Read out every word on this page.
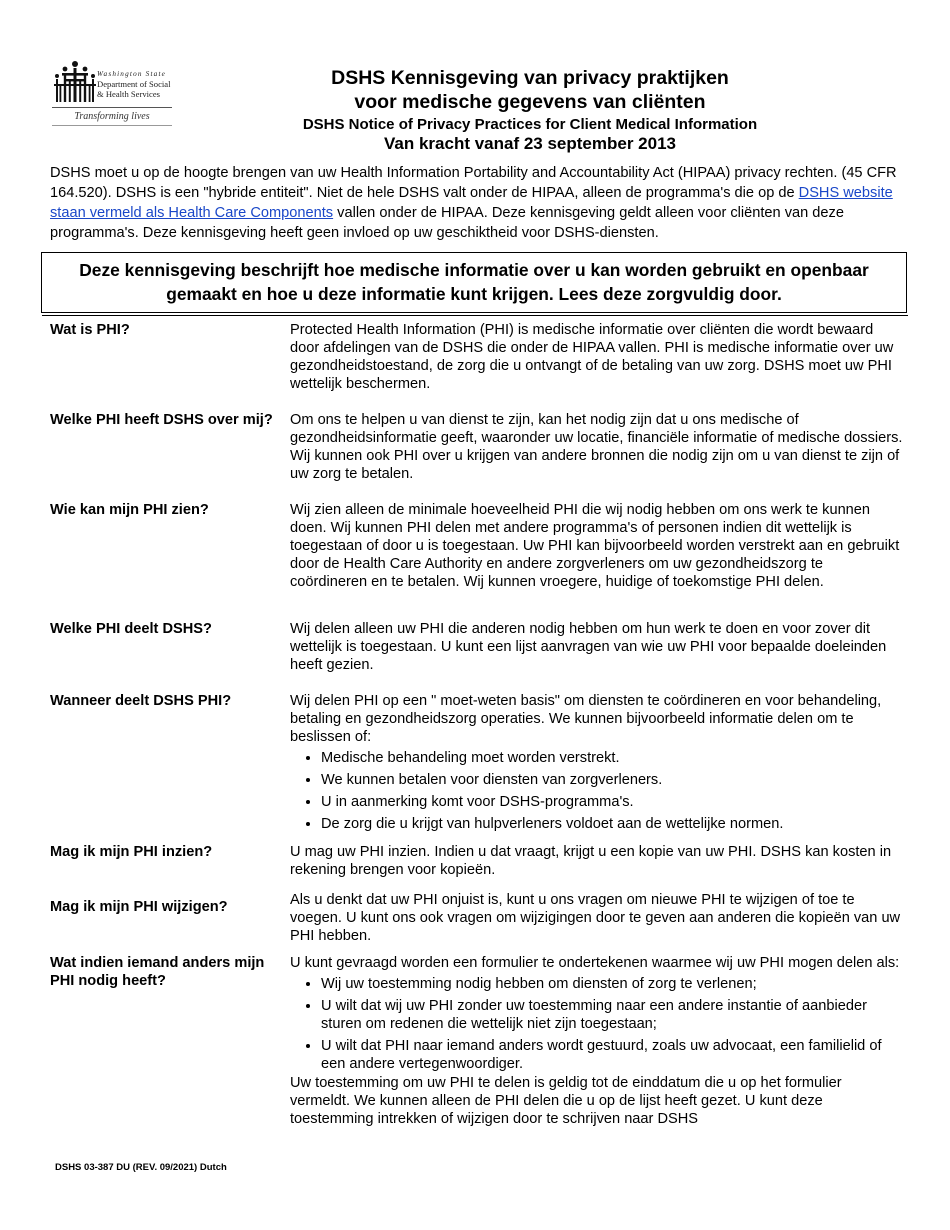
Washington State
Department of Social
& Health Services
Transforming lives
DSHS Kennisgeving van privacy praktijken
voor medische gegevens van cliënten
DSHS Notice of Privacy Practices for Client Medical Information
Van kracht vanaf 23 september 2013
DSHS moet u op de hoogte brengen van uw Health Information Portability and Accountability Act (HIPAA) privacy rechten. (45 CFR 164.520). DSHS is een "hybride entiteit". Niet de hele DSHS valt onder de HIPAA, alleen de programma's die op de DSHS website staan vermeld als Health Care Components vallen onder de HIPAA. Deze kennisgeving geldt alleen voor cliënten van deze programma's. Deze kennisgeving heeft geen invloed op uw geschiktheid voor DSHS-diensten.
Deze kennisgeving beschrijft hoe medische informatie over u kan worden gebruikt en openbaar gemaakt en hoe u deze informatie kunt krijgen. Lees deze zorgvuldig door.
Wat is PHI?	Protected Health Information (PHI) is medische informatie over cliënten die wordt bewaard door afdelingen van de DSHS die onder de HIPAA vallen. PHI is medische informatie over uw gezondheidstoestand, de zorg die u ontvangt of de betaling van uw zorg. DSHS moet uw PHI wettelijk beschermen.
Welke PHI heeft DSHS over mij? Om ons te helpen u van dienst te zijn, kan het nodig zijn dat u ons medische of gezondheidsinformatie geeft, waaronder uw locatie, financiële informatie of medische dossiers. Wij kunnen ook PHI over u krijgen van andere bronnen die nodig zijn om u van dienst te zijn of uw zorg te betalen.
Wie kan mijn PHI zien?	Wij zien alleen de minimale hoeveelheid PHI die wij nodig hebben om ons werk te kunnen doen. Wij kunnen PHI delen met andere programma's of personen indien dit wettelijk is toegestaan of door u is toegestaan. Uw PHI kan bijvoorbeeld worden verstrekt aan en gebruikt door de Health Care Authority en andere zorgverleners om uw gezondheidszorg te coördineren en te betalen. Wij kunnen vroegere, huidige of toekomstige PHI delen.
Welke PHI deelt DSHS?	Wij delen alleen uw PHI die anderen nodig hebben om hun werk te doen en voor zover dit wettelijk is toegestaan. U kunt een lijst aanvragen van wie uw PHI voor bepaalde doeleinden heeft gezien.
Wanneer deelt DSHS PHI?	Wij delen PHI op een " moet-weten basis" om diensten te coördineren en voor behandeling, betaling en gezondheidszorg operaties. We kunnen bijvoorbeeld informatie delen om te beslissen of:
• Medische behandeling moet worden verstrekt.
• We kunnen betalen voor diensten van zorgverleners.
• U in aanmerking komt voor DSHS-programma's.
• De zorg die u krijgt van hulpverleners voldoet aan de wettelijke normen.
Mag ik mijn PHI inzien?	U mag uw PHI inzien. Indien u dat vraagt, krijgt u een kopie van uw PHI. DSHS kan kosten in rekening brengen voor kopieën.
Mag ik mijn PHI wijzigen?	Als u denkt dat uw PHI onjuist is, kunt u ons vragen om nieuwe PHI te wijzigen of toe te voegen. U kunt ons ook vragen om wijzigingen door te geven aan anderen die kopieën van uw PHI hebben.
Wat indien iemand anders mijn PHI nodig heeft?
U kunt gevraagd worden een formulier te ondertekenen waarmee wij uw PHI mogen delen als:
• Wij uw toestemming nodig hebben om diensten of zorg te verlenen;
• U wilt dat wij uw PHI zonder uw toestemming naar een andere instantie of aanbieder sturen om redenen die wettelijk niet zijn toegestaan;
• U wilt dat PHI naar iemand anders wordt gestuurd, zoals uw advocaat, een familielid of een andere vertegenwoordiger.
Uw toestemming om uw PHI te delen is geldig tot de einddatum die u op het formulier vermeldt. We kunnen alleen de PHI delen die u op de lijst heeft gezet. U kunt deze toestemming intrekken of wijzigen door te schrijven naar DSHS
DSHS 03-387 DU (REV. 09/2021) Dutch
